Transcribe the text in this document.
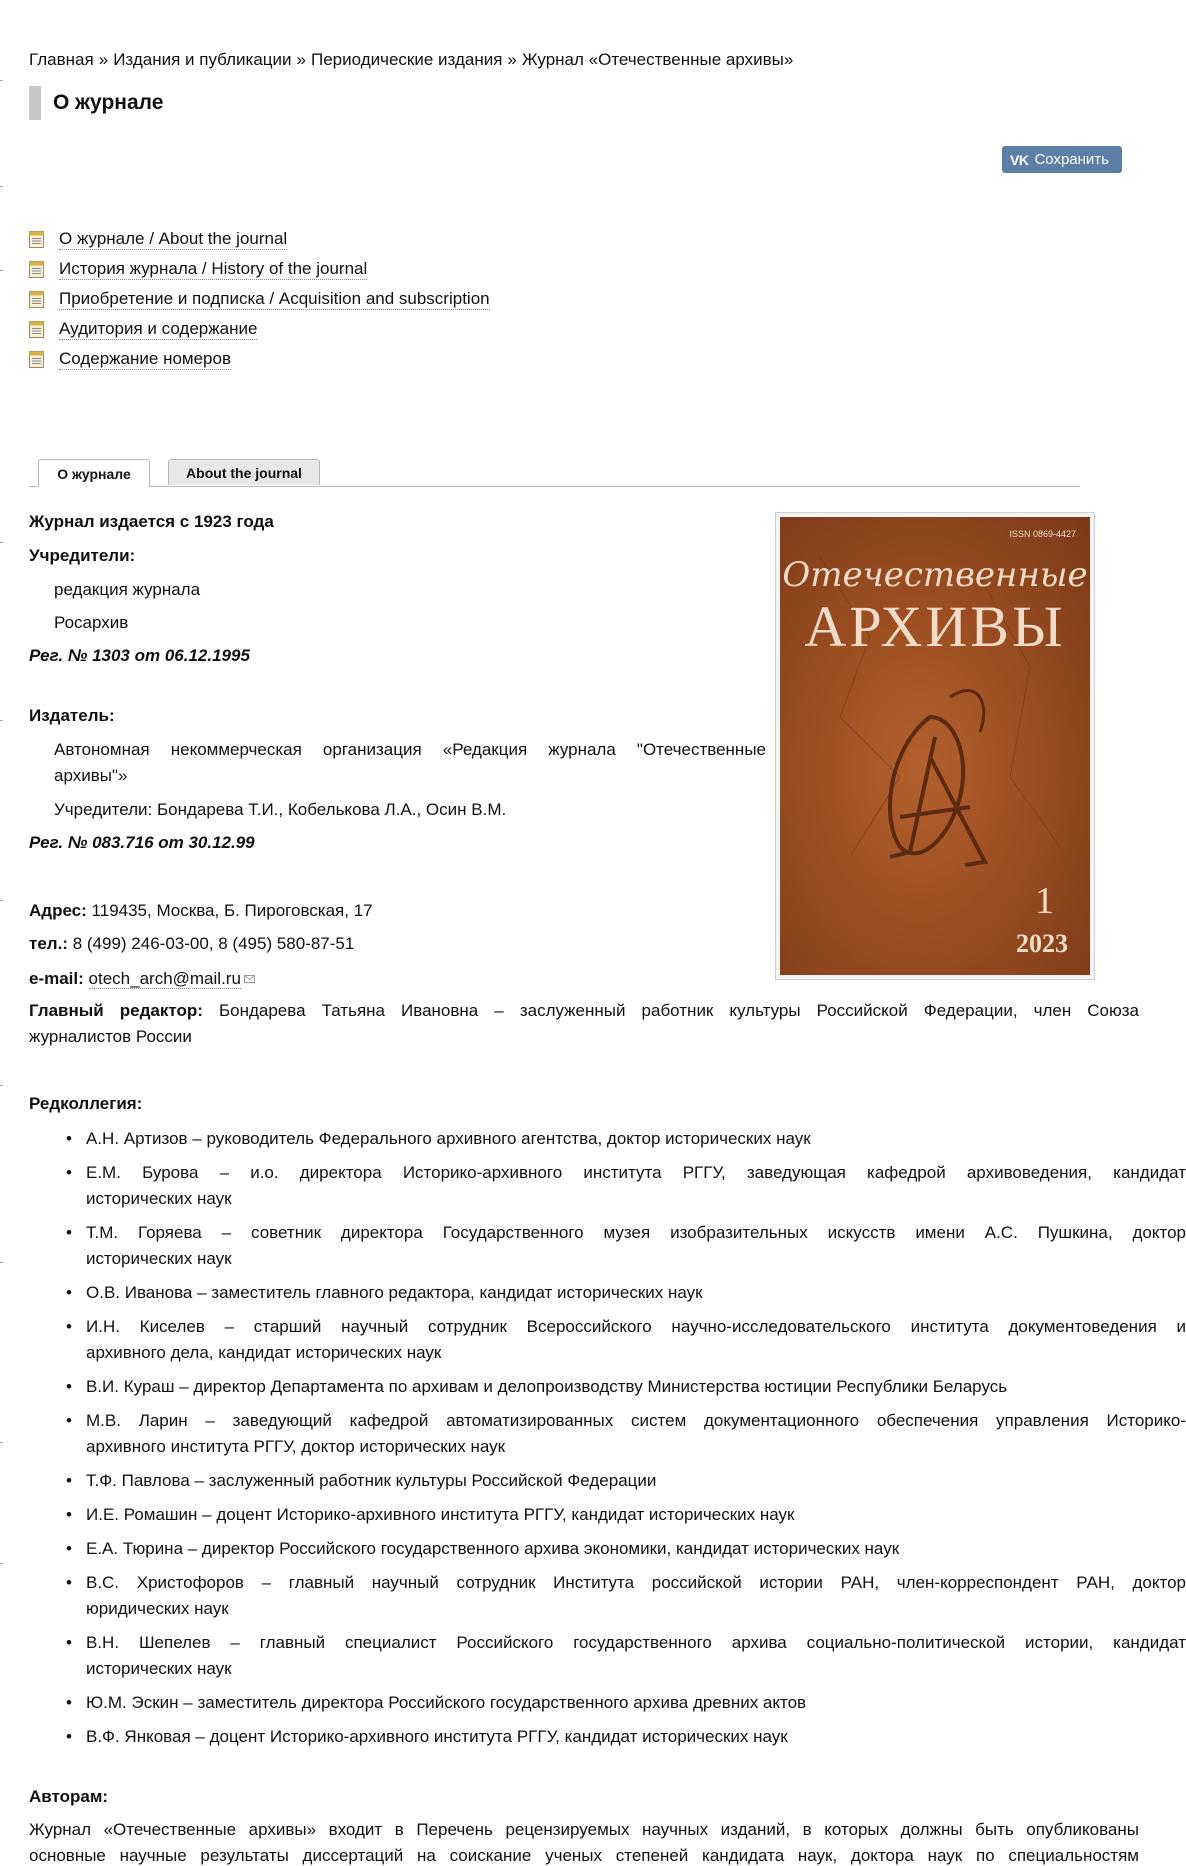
Главная » Издания и публикации » Периодические издания » Журнал «Отечественные архивы»
О журнале
VK Сохранить
О журнале / About the journal
История журнала / History of the journal
Приобретение и подписка / Acquisition and subscription
Аудитория и содержание
Содержание номеров
О журнале	About the journal
Журнал издается с 1923 года
Учредители:
редакция журнала
Росархив
Рег. № 1303 от 06.12.1995
Издатель:
Автономная некоммерческая организация «Редакция журнала "Отечественные
архивы"»
Учредители: Бондарева Т.И., Кобелькова Л.А., Осин В.М.
Рег. № 083.716 от 30.12.99
Адрес: 119435, Москва, Б. Пироговская, 17
тел.: 8 (499) 246-03-00, 8 (495) 580-87-51
e-mail: otech_arch@mail.ru
Главный редактор: Бондарева Татьяна Ивановна – заслуженный работник культуры Российской Федерации, член Союза
журналистов России
Редколлегия:
Авторам:
Журнал «Отечественные архивы» входит в Перечень рецензируемых научных изданий, в которых должны быть опубликованы
основные научные результаты диссертаций на соискание ученых степеней кандидата наук, доктора наук по специальностям
ISSN 0869-4427
Отечественные
АРХИВЫ
1
2023
• А.Н. Артизов – руководитель Федерального архивного агентства, доктор исторических наук
• Е.М. Бурова – и.о. директора Историко-архивного института РГГУ, заведующая кафедрой архивоведения, кандидат
исторических наук
• Т.М. Горяева – советник директора Государственного музея изобразительных искусств имени А.С. Пушкина, доктор
исторических наук
• О.В. Иванова – заместитель главного редактора, кандидат исторических наук
• И.Н. Киселев – старший научный сотрудник Всероссийского научно-исследовательского института документоведения и
архивного дела, кандидат исторических наук
• В.И. Кураш – директор Департамента по архивам и делопроизводству Министерства юстиции Республики Беларусь
• М.В. Ларин – заведующий кафедрой автоматизированных систем документационного обеспечения управления Историко-
архивного института РГГУ, доктор исторических наук
• Т.Ф. Павлова – заслуженный работник культуры Российской Федерации
• И.Е. Ромашин – доцент Историко-архивного института РГГУ, кандидат исторических наук
• Е.А. Тюрина – директор Российского государственного архива экономики, кандидат исторических наук
• В.С. Христофоров – главный научный сотрудник Института российской истории РАН, член-корреспондент РАН, доктор
юридических наук
• В.Н. Шепелев – главный специалист Российского государственного архива социально-политической истории, кандидат
исторических наук
• Ю.М. Эскин – заместитель директора Российского государственного архива древних актов
• В.Ф. Янковая – доцент Историко-архивного института РГГУ, кандидат исторических наук
